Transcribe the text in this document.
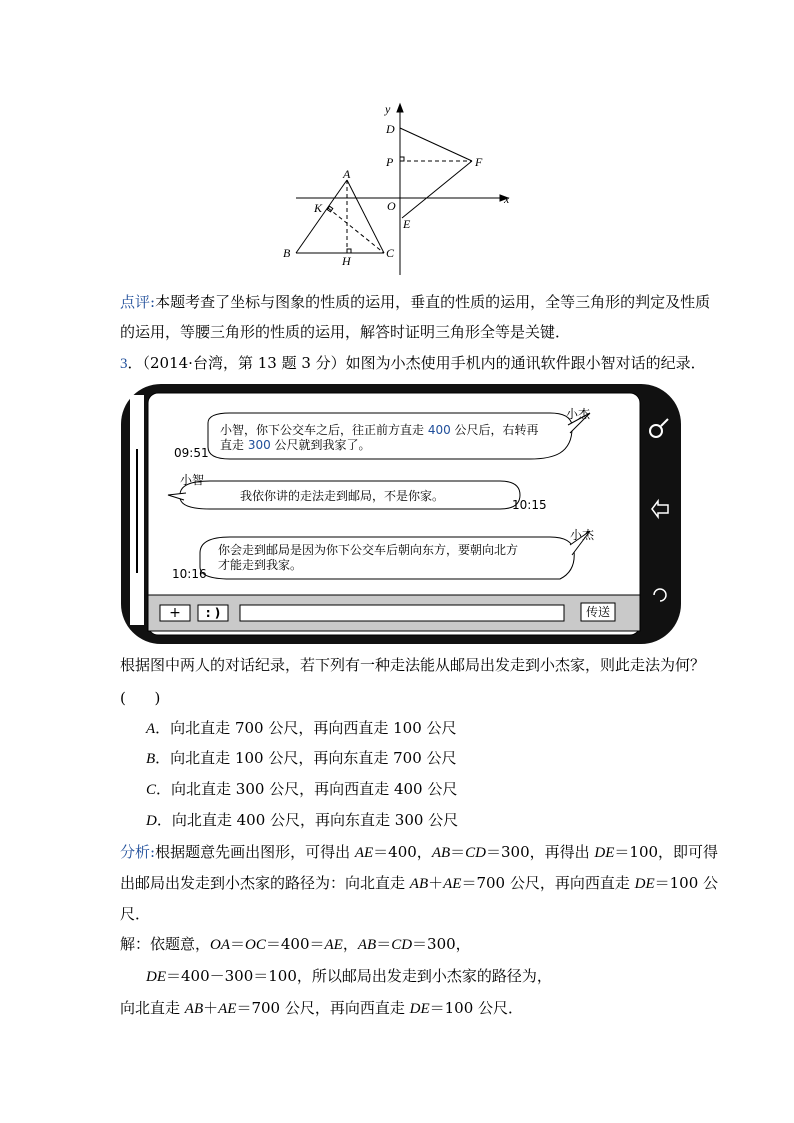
y
x
D
P	F
O
E
A
K
B
H
C
点评:本题考查了坐标与图象的性质的运用，垂直的性质的运用，全等三角形的判定及性质
的运用，等腰三角形的性质的运用，解答时证明三角形全等是关键．
3．（2014·台湾，第 13 题 3 分）如图为小杰使用手机内的通讯软件跟小智对话的纪录．
小杰
小智，你下公交车之后，往正前方直走 400 公尺后，右转再
直走 300 公尺就到我家了。
09:51
小智
我依你讲的走法走到邮局，不是你家。
10:15
小杰
你会走到邮局是因为你下公交车后朝向东方，要朝向北方
才能走到我家。
10:16
+	: )	传送
根据图中两人的对话纪录，若下列有一种走法能从邮局出发走到小杰家，则此走法为何？
(      )
A．向北直走 700 公尺，再向西直走 100 公尺
B．向北直走 100 公尺，再向东直走 700 公尺
C．向北直走 300 公尺，再向西直走 400 公尺
D．向北直走 400 公尺，再向东直走 300 公尺
分析:根据题意先画出图形，可得出 AE＝400，AB＝CD＝300，再得出 DE＝100，即可得
出邮局出发走到小杰家的路径为：向北直走 AB＋AE＝700 公尺，再向西直走 DE＝100 公
尺．
解：依题意，OA＝OC＝400＝AE，AB＝CD＝300，
DE＝400－300＝100，所以邮局出发走到小杰家的路径为，
向北直走 AB＋AE＝700 公尺，再向西直走 DE＝100 公尺．
